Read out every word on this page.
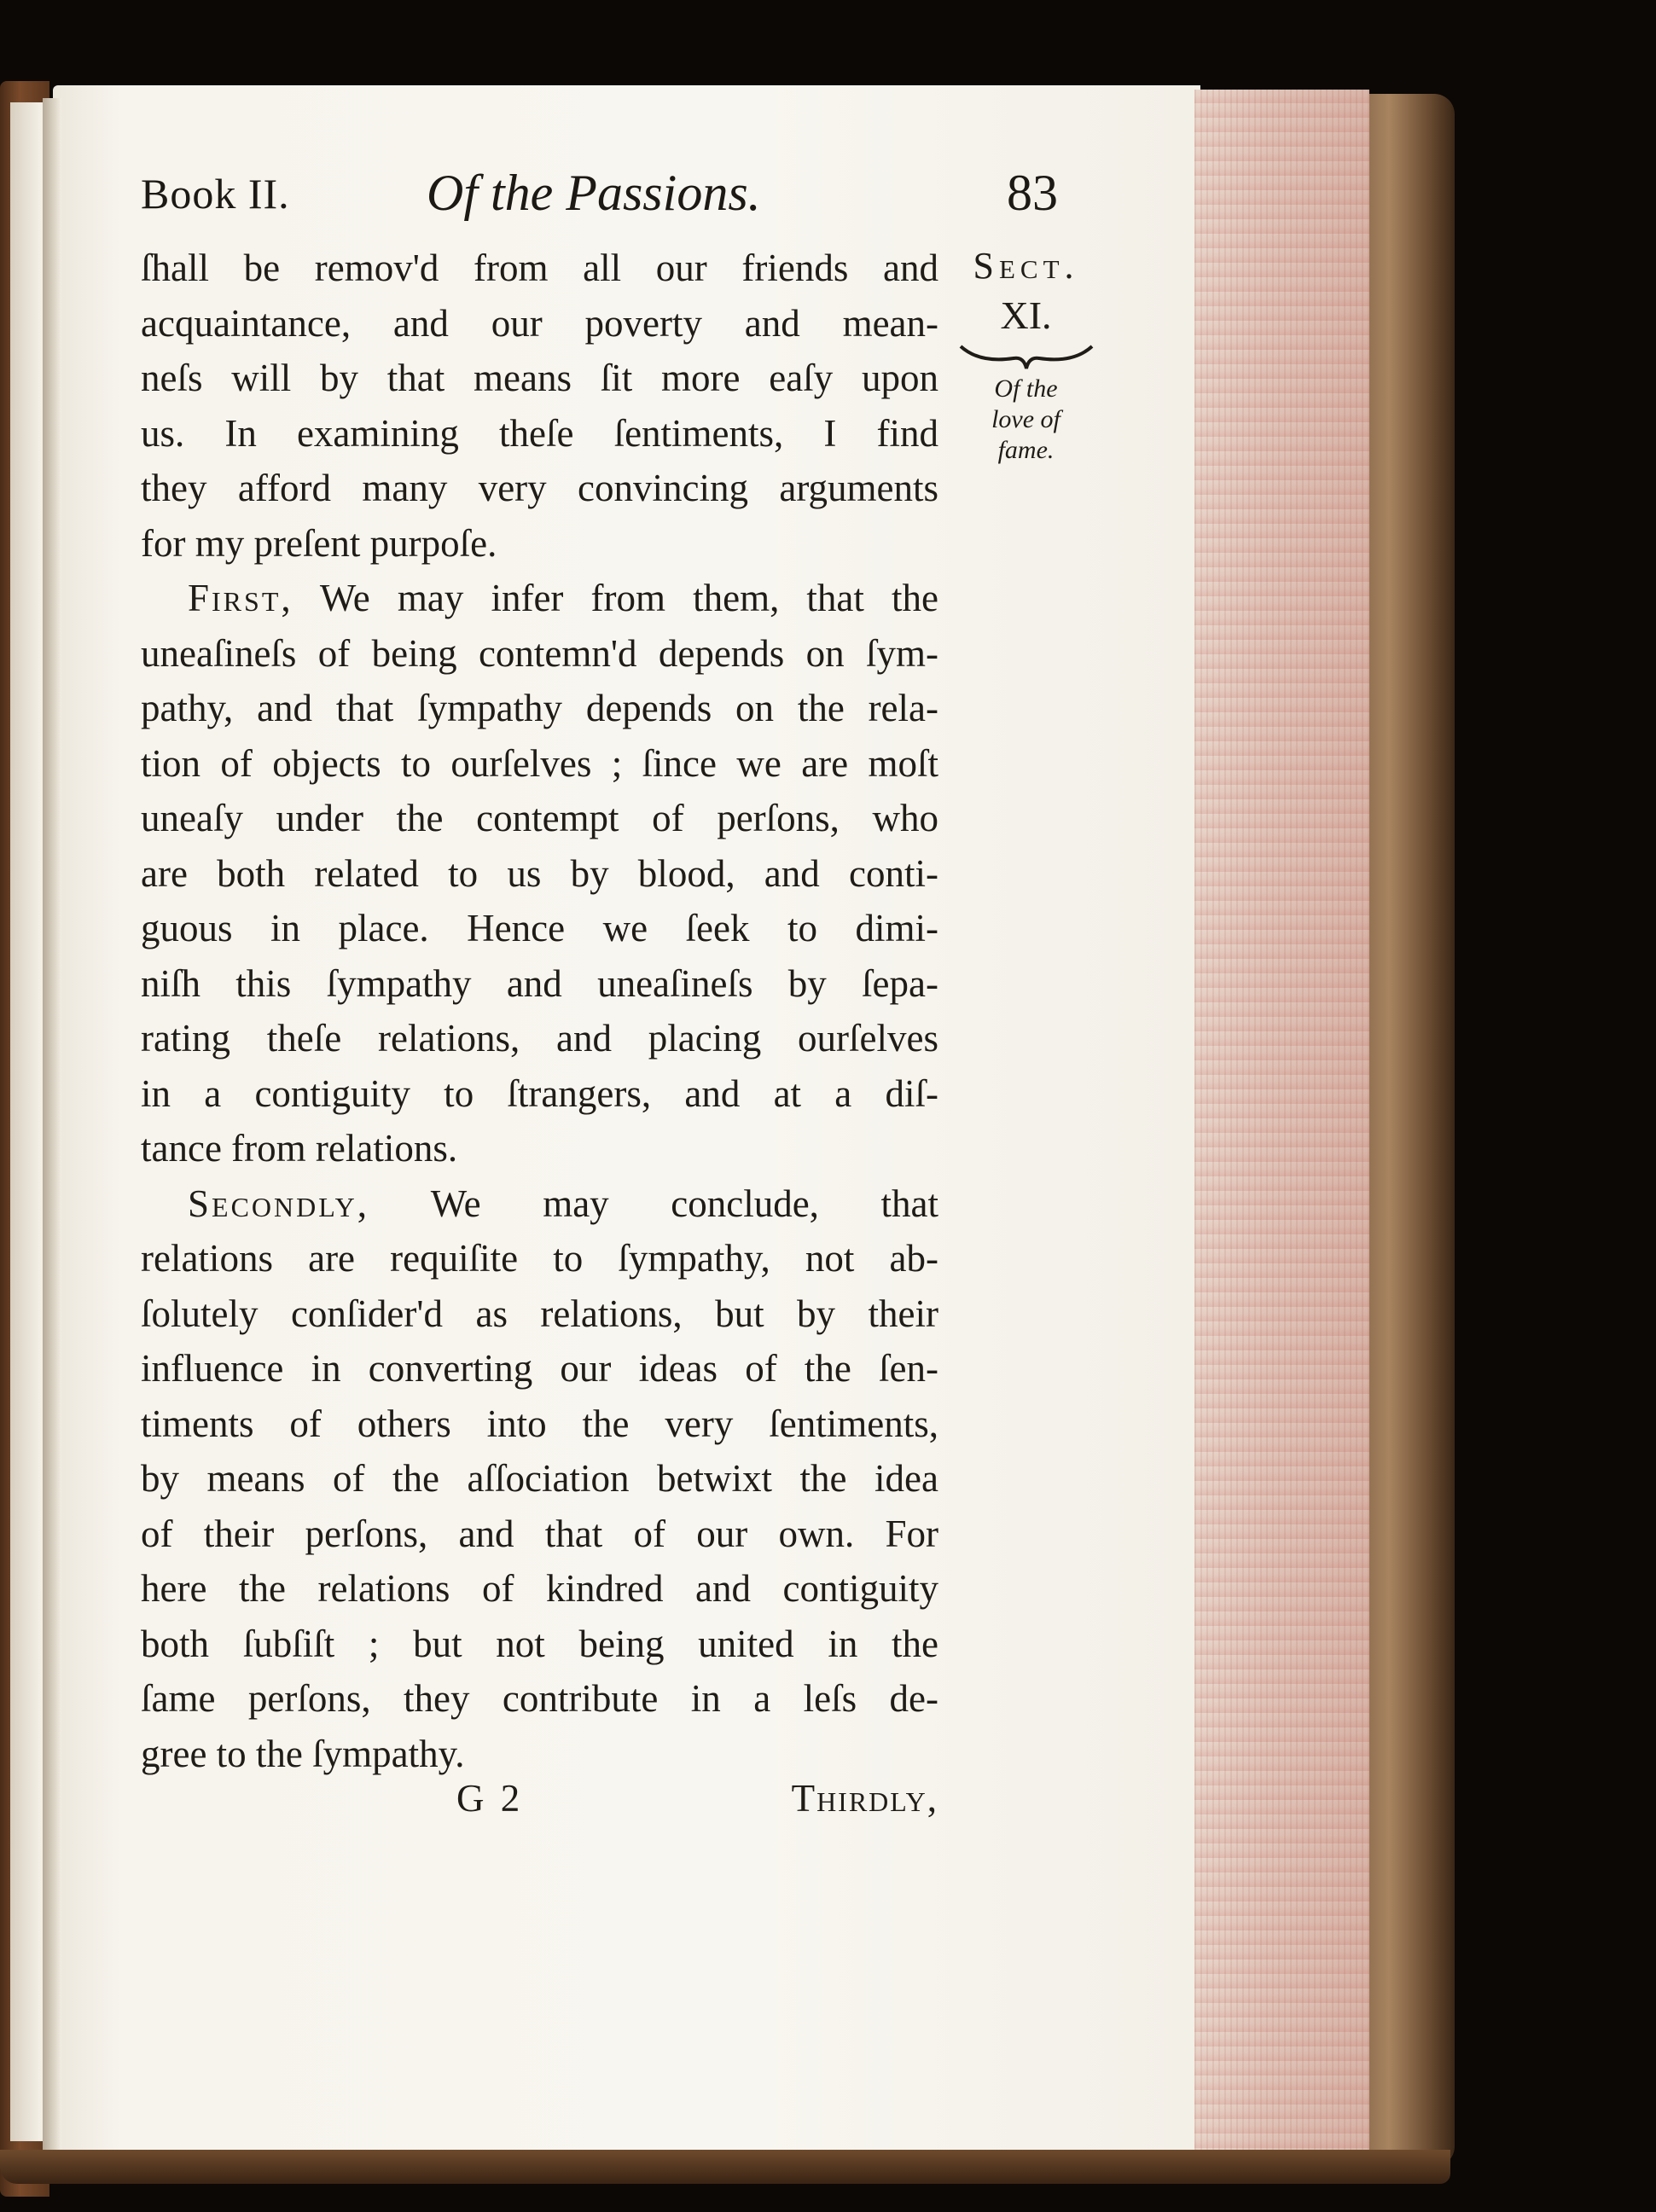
Book II.	Of the Passions.	83
ſhall be remov'd from all our friends and
acquaintance, and our poverty and mean-
neſs will by that means ſit more eaſy upon
us. In examining theſe ſentiments, I find
they afford many very convincing arguments
for my preſent purpoſe.
First, We may infer from them, that the
uneaſineſs of being contemn'd depends on ſym-
pathy, and that ſympathy depends on the rela-
tion of objects to ourſelves ; ſince we are moſt
uneaſy under the contempt of perſons, who
are both related to us by blood, and conti-
guous in place. Hence we ſeek to dimi-
niſh this ſympathy and uneaſineſs by ſepa-
rating theſe relations, and placing ourſelves
in a contiguity to ſtrangers, and at a diſ-
tance from relations.
Secondly, We may conclude, that
relations are requiſite to ſympathy, not ab-
ſolutely conſider'd as relations, but by their
influence in converting our ideas of the ſen-
timents of others into the very ſentiments,
by means of the aſſociation betwixt the idea
of their perſons, and that of our own. For
here the relations of kindred and contiguity
both ſubſiſt ; but not being united in the
ſame perſons, they contribute in a leſs de-
gree to the ſympathy.
Sect.
XI.
Of the
love of
fame.
G 2	Thirdly,
